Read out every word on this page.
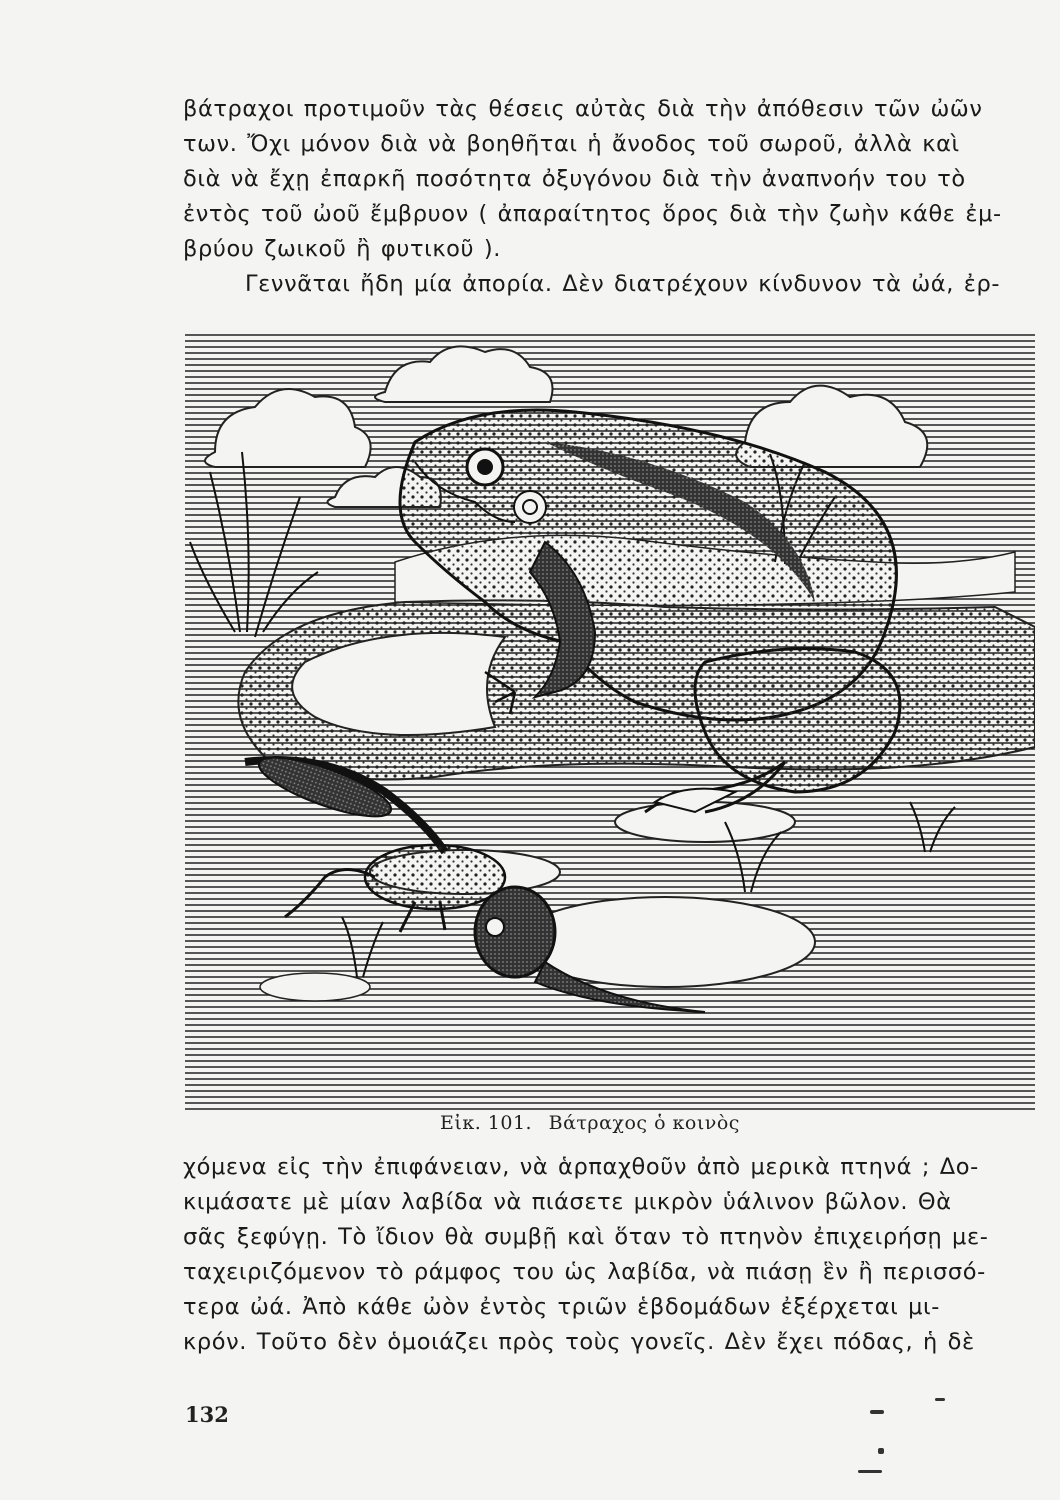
βάτραχοι προτιμοῦν τὰς θέσεις αὐτὰς διὰ τὴν ἀπόθεσιν τῶν ὠῶν
των. Ὄχι μόνον διὰ νὰ βοηθῆται ἡ ἄνοδος τοῦ σωροῦ, ἀλλὰ καὶ
διὰ νὰ ἔχῃ ἐπαρκῆ ποσότητα ὀξυγόνου διὰ τὴν ἀναπνοήν του τὸ
ἐντὸς τοῦ ὠοῦ ἔμβρυον ( ἀπαραίτητος ὅρος διὰ τὴν ζωὴν κάθε ἐμ-
βρύου ζωικοῦ ἢ φυτικοῦ ).
Γεννᾶται ἤδη μία ἀπορία. Δὲν διατρέχουν κίνδυνον τὰ ὠά, ἐρ-
Εἰκ. 101. Βάτραχος ὁ κοινὸς
χόμενα εἰς τὴν ἐπιφάνειαν, νὰ ἁρπαχθοῦν ἀπὸ μερικὰ πτηνά ; Δο-
κιμάσατε μὲ μίαν λαβίδα νὰ πιάσετε μικρὸν ὑάλινον βῶλον. Θὰ
σᾶς ξεφύγῃ. Τὸ ἴδιον θὰ συμβῇ καὶ ὅταν τὸ πτηνὸν ἐπιχειρήσῃ με-
ταχειριζόμενον τὸ ράμφος του ὡς λαβίδα, νὰ πιάσῃ ἓν ἢ περισσό-
τερα ὠά. Ἀπὸ κάθε ὠὸν ἐντὸς τριῶν ἑβδομάδων ἐξέρχεται μι-
κρόν. Τοῦτο δὲν ὁμοιάζει πρὸς τοὺς γονεῖς. Δὲν ἔχει πόδας, ἡ δὲ
132
